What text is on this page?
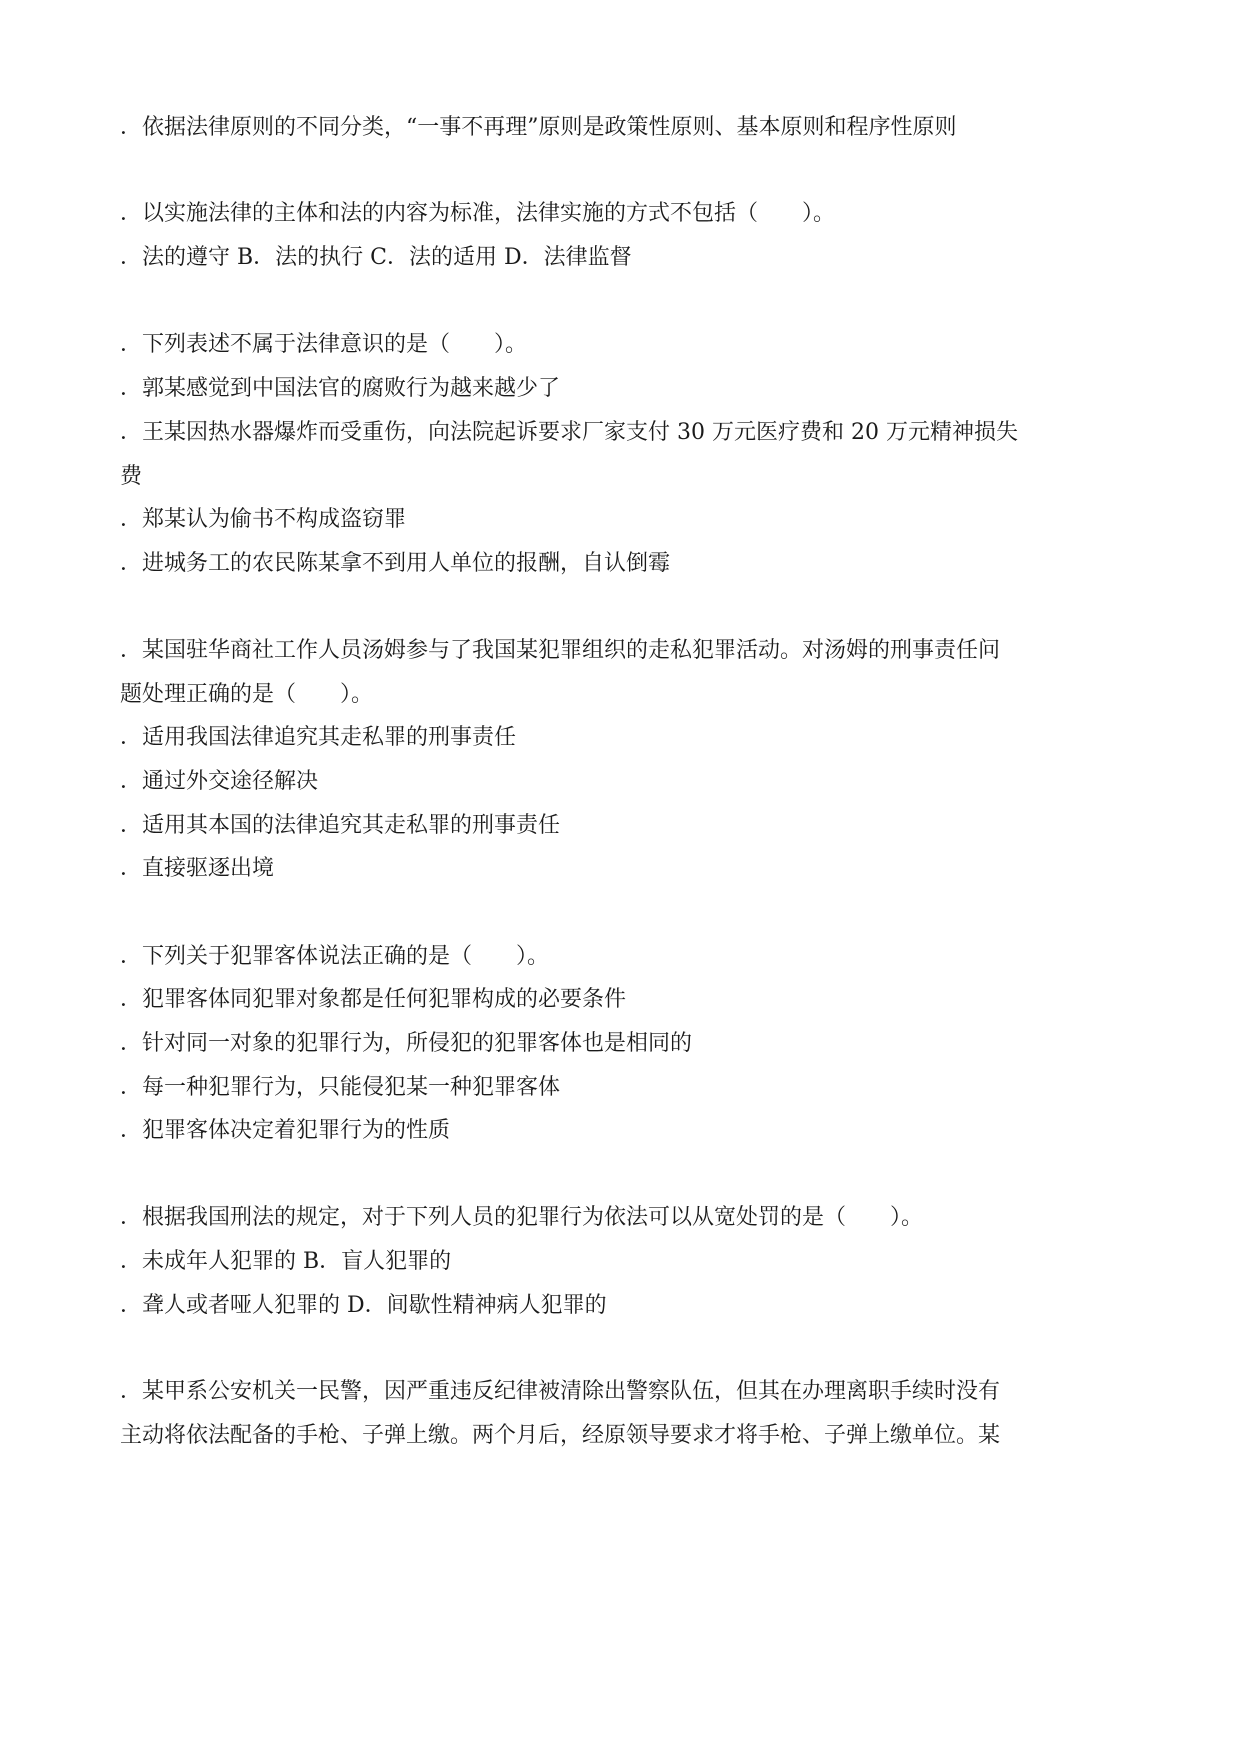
．依据法律原则的不同分类，“一事不再理”原则是政策性原则、基本原则和程序性原则
．以实施法律的主体和法的内容为标准，法律实施的方式不包括（　　）。
．法的遵守 B．法的执行 C．法的适用 D．法律监督
．下列表述不属于法律意识的是（　　）。
．郭某感觉到中国法官的腐败行为越来越少了
．王某因热水器爆炸而受重伤，向法院起诉要求厂家支付 30 万元医疗费和 20 万元精神损失
费
．郑某认为偷书不构成盗窃罪
．进城务工的农民陈某拿不到用人单位的报酬，自认倒霉
．某国驻华商社工作人员汤姆参与了我国某犯罪组织的走私犯罪活动。对汤姆的刑事责任问
题处理正确的是（　　）。
．适用我国法律追究其走私罪的刑事责任
．通过外交途径解决
．适用其本国的法律追究其走私罪的刑事责任
．直接驱逐出境
．下列关于犯罪客体说法正确的是（　　）。
．犯罪客体同犯罪对象都是任何犯罪构成的必要条件
．针对同一对象的犯罪行为，所侵犯的犯罪客体也是相同的
．每一种犯罪行为，只能侵犯某一种犯罪客体
．犯罪客体决定着犯罪行为的性质
．根据我国刑法的规定，对于下列人员的犯罪行为依法可以从宽处罚的是（　　）。
．未成年人犯罪的 B．盲人犯罪的
．聋人或者哑人犯罪的 D．间歇性精神病人犯罪的
．某甲系公安机关一民警，因严重违反纪律被清除出警察队伍，但其在办理离职手续时没有
主动将依法配备的手枪、子弹上缴。两个月后，经原领导要求才将手枪、子弹上缴单位。某
